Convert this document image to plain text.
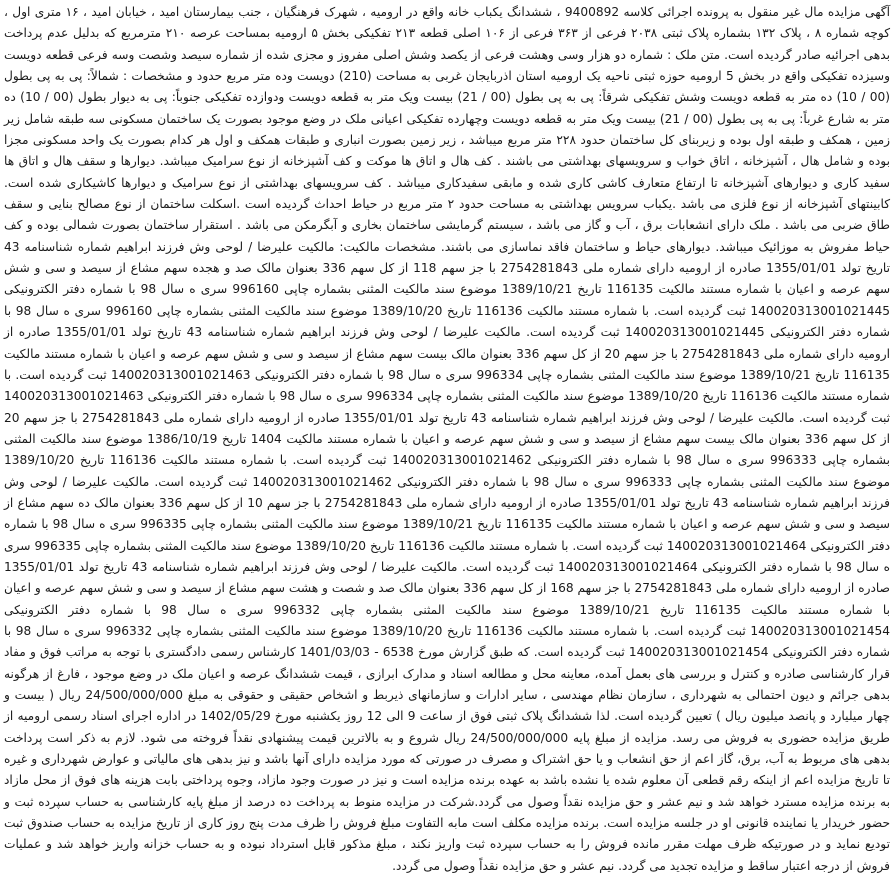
آگهی مزایده مال غیر منقول به پرونده اجرائی کلاسه 9400892 ، ششدانگ یکباب خانه واقع در ارومیه ، شهرک فرهنگیان ، جنب بیمارستان امید ، خیابان امید ، ۱۶ متری اول ، کوچه شماره ۸ ، پلاک ۱۳۲ بشماره پلاک ثبتی ۲۰۳۸ فرعی از ۳۶۳ فرعی از ۱۰۶ اصلی قطعه ۲۱۳ تفکیکی بخش ۵ ارومیه بمساحت عرصه ۲۱۰ مترمربع که بدلیل عدم پرداخت بدهی اجرائیه صادر گردیده است. متن ملک : شماره دو هزار وسی وهشت فرعی از یکصد وشش اصلی مفروز و مجزی شده از شماره سیصد وشصت وسه فرعی قطعه دویست وسیزده تفکیکی واقع در بخش 5 ارومیه حوزه ثبتی ناحیه یک ارومیه استان اذربایجان غربی به مساحت (210) دویست وده متر مربع حدود و مشخصات : شمالاً: پی به پی بطول (00 / 10) ده متر به قطعه دویست وشش تفکیکی شرقاً: پی به پی بطول (00 / 21) بیست ویک متر به قطعه دویست ودوازده تفکیکی جنوباً: پی به دیوار بطول (00 / 10) ده متر به شارع غرباً: پی به پی بطول (00 / 21) بیست ویک متر به قطعه دویست وچهارده تفکیکی اعیانی ملک در وضع موجود بصورت یک ساختمان مسکونی سه طبقه شامل زیر زمین ، همکف و طبقه اول بوده و زیربنای کل ساختمان حدود ۲۲۸ متر مربع میباشد ، زیر زمین بصورت انباری و طبقات همکف و اول هر کدام بصورت یک واحد مسکونی مجزا بوده و شامل هال ، آشپزخانه ، اتاق خواب و سرویسهای بهداشتی می باشند . کف هال و اتاق ها موکت و کف آشپزخانه از نوع سرامیک میباشد. دیوارها و سقف هال و اتاق ها سفید کاری و دیوارهای آشپزخانه تا ارتفاع متعارف کاشی کاری شده و مابقی سفیدکاری میباشد . کف سرویسهای بهداشتی از نوع سرامیک و دیوارها کاشیکاری شده است. کابینتهای آشپزخانه از نوع فلزی می باشد .یکباب سرویس بهداشتی به مساحت حدود ۲ متر مربع در حیاط احداث گردیده است .اسکلت ساختمان از نوع مصالح بنایی و سقف طاق ضربی می باشد . ملک دارای انشعابات برق ، آب و گاز می باشد ، سیستم گرمایشی ساختمان بخاری و آبگرمکن می باشد . استقرار ساختمان بصورت شمالی بوده و کف حیاط مفروش به موزائیک میباشد. دیوارهای حیاط و ساختمان فاقد نماسازی می باشند. مشخصات مالکیت: مالکیت علیرضا / لوحی وش فرزند ابراهیم شماره شناسنامه 43 تاریخ تولد 1355/01/01 صادره از ارومیه دارای شماره ملی 2754281843 با جز سهم 118 از کل سهم 336 بعنوان مالک صد و هجده سهم مشاع از سیصد و سی و شش سهم عرصه و اعیان با شماره مستند مالکیت 116135 تاریخ 1389/10/21 موضوع سند مالکیت المثنی بشماره چاپی 996160 سری ه سال 98 با شماره دفتر الکترونیکی 140020313001021445 ثبت گردیده است. با شماره مستند مالکیت 116136 تاریخ 1389/10/20 موضوع سند مالکیت المثنی بشماره چاپی 996160 سری ه سال 98 با شماره دفتر الکترونیکی 140020313001021445 ثبت گردیده است. مالکیت علیرضا / لوحی وش فرزند ابراهیم شماره شناسنامه 43 تاریخ تولد 1355/01/01 صادره از ارومیه دارای شماره ملی 2754281843 با جز سهم 20 از کل سهم 336 بعنوان مالک بیست سهم مشاع از سیصد و سی و شش سهم عرصه و اعیان با شماره مستند مالکیت 116135 تاریخ 1389/10/21 موضوع سند مالکیت المثنی بشماره چاپی 996334 سری ه سال 98 با شماره دفتر الکترونیکی 140020313001021463 ثبت گردیده است. با شماره مستند مالکیت 116136 تاریخ 1389/10/20 موضوع سند مالکیت المثنی بشماره چاپی 996334 سری ه سال 98 با شماره دفتر الکترونیکی 140020313001021463 ثبت گردیده است. مالکیت علیرضا / لوحی وش فرزند ابراهیم شماره شناسنامه 43 تاریخ تولد 1355/01/01 صادره از ارومیه دارای شماره ملی 2754281843 با جز سهم 20 از کل سهم 336 بعنوان مالک بیست سهم مشاع از سیصد و سی و شش سهم عرصه و اعیان با شماره مستند مالکیت 1404 تاریخ 1386/10/19 موضوع سند مالکیت المثنی بشماره چاپی 996333 سری ه سال 98 با شماره دفتر الکترونیکی 140020313001021462 ثبت گردیده است. با شماره مستند مالکیت 116136 تاریخ 1389/10/20 موضوع سند مالکیت المثنی بشماره چاپی 996333 سری ه سال 98 با شماره دفتر الکترونیکی 140020313001021462 ثبت گردیده است. مالکیت علیرضا / لوحی وش فرزند ابراهیم شماره شناسنامه 43 تاریخ تولد 1355/01/01 صادره از ارومیه دارای شماره ملی 2754281843 با جز سهم 10 از کل سهم 336 بعنوان مالک ده سهم مشاع از سیصد و سی و شش سهم عرصه و اعیان با شماره مستند مالکیت 116135 تاریخ 1389/10/21 موضوع سند مالکیت المثنی بشماره چاپی 996335 سری ه سال 98 با شماره دفتر الکترونیکی 140020313001021464 ثبت گردیده است. با شماره مستند مالکیت 116136 تاریخ 1389/10/20 موضوع سند مالکیت المثنی بشماره چاپی 996335 سری ه سال 98 با شماره دفتر الکترونیکی 140020313001021464 ثبت گردیده است. مالکیت علیرضا / لوحی وش فرزند ابراهیم شماره شناسنامه 43 تاریخ تولد 1355/01/01 صادره از ارومیه دارای شماره ملی 2754281843 با جز سهم 168 از کل سهم 336 بعنوان مالک صد و شصت و هشت سهم مشاع از سیصد و سی و شش سهم عرصه و اعیان با شماره مستند مالکیت 116135 تاریخ 1389/10/21 موضوع سند مالکیت المثنی بشماره چاپی 996332 سری ه سال 98 با شماره دفتر الکترونیکی 140020313001021454 ثبت گردیده است. با شماره مستند مالکیت 116136 تاریخ 1389/10/20 موضوع سند مالکیت المثنی بشماره چاپی 996332 سری ه سال 98 با شماره دفتر الکترونیکی 140020313001021454 ثبت گردیده است. که طبق گزارش مورخ 6538 - 1401/03/03 کارشناس رسمی دادگستری با توجه به مراتب فوق و مفاد قرار کارشناسی صادره و کنترل و بررسی های بعمل آمده، معاینه محل و مطالعه اسناد و مدارک ابرازی ، قیمت ششدانگ عرصه و اعیان ملک در وضع موجود ، فارغ از هرگونه بدهی جرائم و دیون احتمالی به شهرداری ، سازمان نظام مهندسی ، سایر ادارات و سازمانهای ذیربط و اشخاص حقیقی و حقوقی به مبلغ 24/500/000/000 ریال ( بیست و چهار میلیارد و پانصد میلیون ریال ) تعیین گردیده است. لذا ششدانگ پلاک ثبتی فوق از ساعت 9 الی 12 روز یکشنبه مورخ 1402/05/29 در اداره اجرای اسناد رسمی ارومیه از طریق مزایده حضوری به فروش می رسد. مزایده از مبلغ پایه 24/500/000/000 ریال شروع و به بالاترین قیمت پیشنهادی نقداً فروخته می شود. لازم به ذکر است پرداخت بدهی های مربوط به آب، برق، گاز اعم از حق انشعاب و یا حق اشتراک و مصرف در صورتی که مورد مزایده دارای آنها باشد و نیز بدهی های مالیاتی و عوارض شهرداری و غیره تا تاریخ مزایده اعم از اینکه رقم قطعی آن معلوم شده یا نشده باشد به عهده برنده مزایده است و نیز در صورت وجود مازاد، وجوه پرداختی بابت هزینه های فوق از محل مازاد به برنده مزایده مسترد خواهد شد و نیم عشر و حق مزایده نقداً وصول می گردد.شرکت در مزایده منوط به پرداخت ده درصد از مبلغ پایه کارشناسی به حساب سپرده ثبت و حضور خریدار یا نماینده قانونی او در جلسه مزایده است. برنده مزایده مکلف است مابه التفاوت مبلغ فروش را ظرف مدت پنج روز کاری از تاریخ مزایده به حساب صندوق ثبت تودیع نماید و در صورتیکه ظرف مهلت مقرر مانده فروش را به حساب سپرده ثبت واریز نکند ، مبلغ مذکور قابل استرداد نبوده و به حساب خزانه واریز خواهد شد و عملیات فروش از درجه اعتبار ساقط و مزایده تجدید می گردد. نیم عشر و حق مزایده نقداً وصول می گردد.
